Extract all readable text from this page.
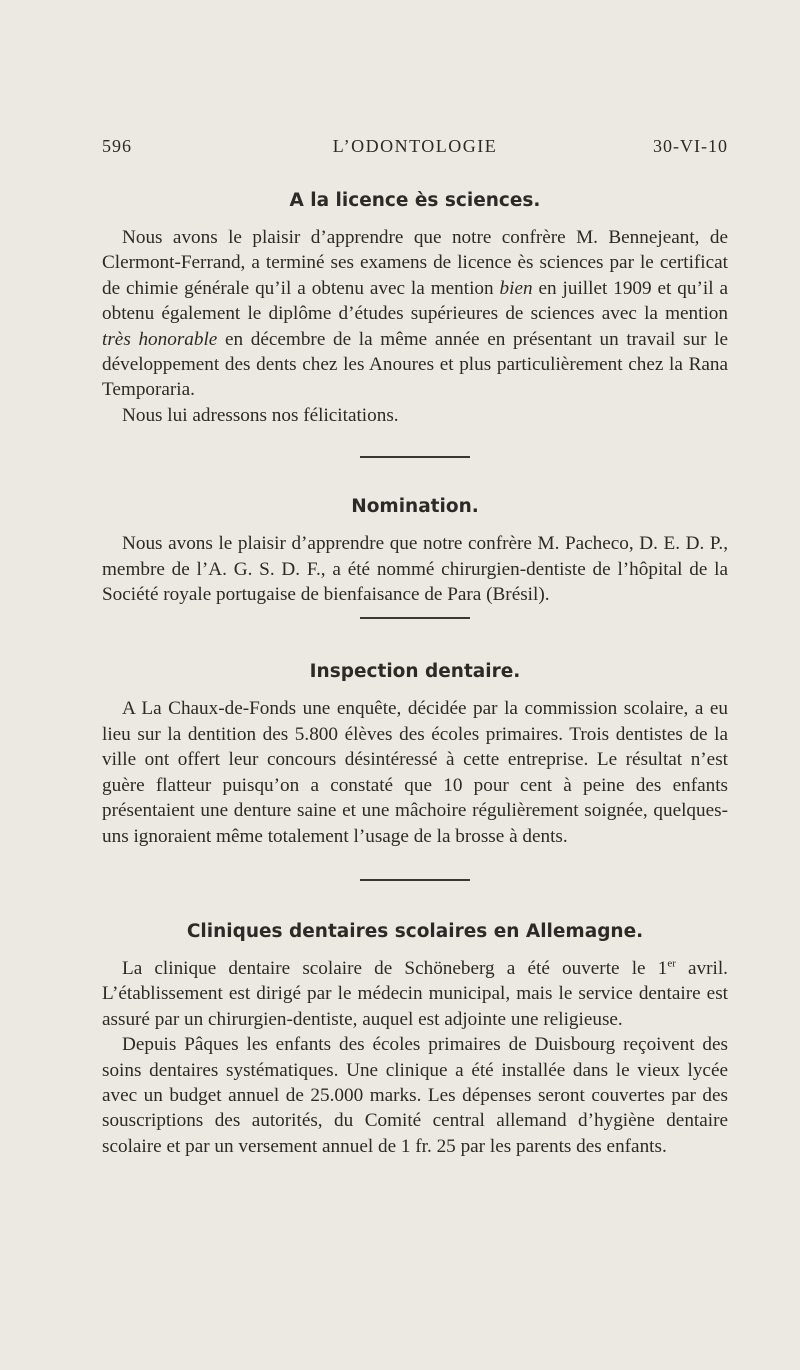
596	L’ODONTOLOGIE	30-VI-10
A la licence ès sciences.

Nous avons le plaisir d’apprendre que notre confrère M. Bennejeant, de Clermont-Ferrand, a terminé ses examens de licence ès sciences par le certificat de chimie générale qu’il a obtenu avec la mention bien en juillet 1909 et qu’il a obtenu également le diplôme d’études supérieures de sciences avec la mention très honorable en décembre de la même année en présentant un travail sur le développement des dents chez les Anoures et plus particulièrement chez la Rana Temporaria.

Nous lui adressons nos félicitations.

Nomination.

Nous avons le plaisir d’apprendre que notre confrère M. Pacheco, D. E. D. P., membre de l’A. G. S. D. F., a été nommé chirurgien-dentiste de l’hôpital de la Société royale portugaise de bienfaisance de Para (Brésil).

Inspection dentaire.

A La Chaux-de-Fonds une enquête, décidée par la commission scolaire, a eu lieu sur la dentition des 5.800 élèves des écoles primaires. Trois dentistes de la ville ont offert leur concours désintéressé à cette entreprise. Le résultat n’est guère flatteur puisqu’on a constaté que 10 pour cent à peine des enfants présentaient une denture saine et une mâchoire régulièrement soignée, quelques-uns ignoraient même totalement l’usage de la brosse à dents.

Cliniques dentaires scolaires en Allemagne.

La clinique dentaire scolaire de Schöneberg a été ouverte le 1er avril. L’établissement est dirigé par le médecin municipal, mais le service dentaire est assuré par un chirurgien-dentiste, auquel est adjointe une religieuse.

Depuis Pâques les enfants des écoles primaires de Duisbourg reçoivent des soins dentaires systématiques. Une clinique a été installée dans le vieux lycée avec un budget annuel de 25.000 marks. Les dépenses seront couvertes par des souscriptions des autorités, du Comité central allemand d’hygiène dentaire scolaire et par un versement annuel de 1 fr. 25 par les parents des enfants.
